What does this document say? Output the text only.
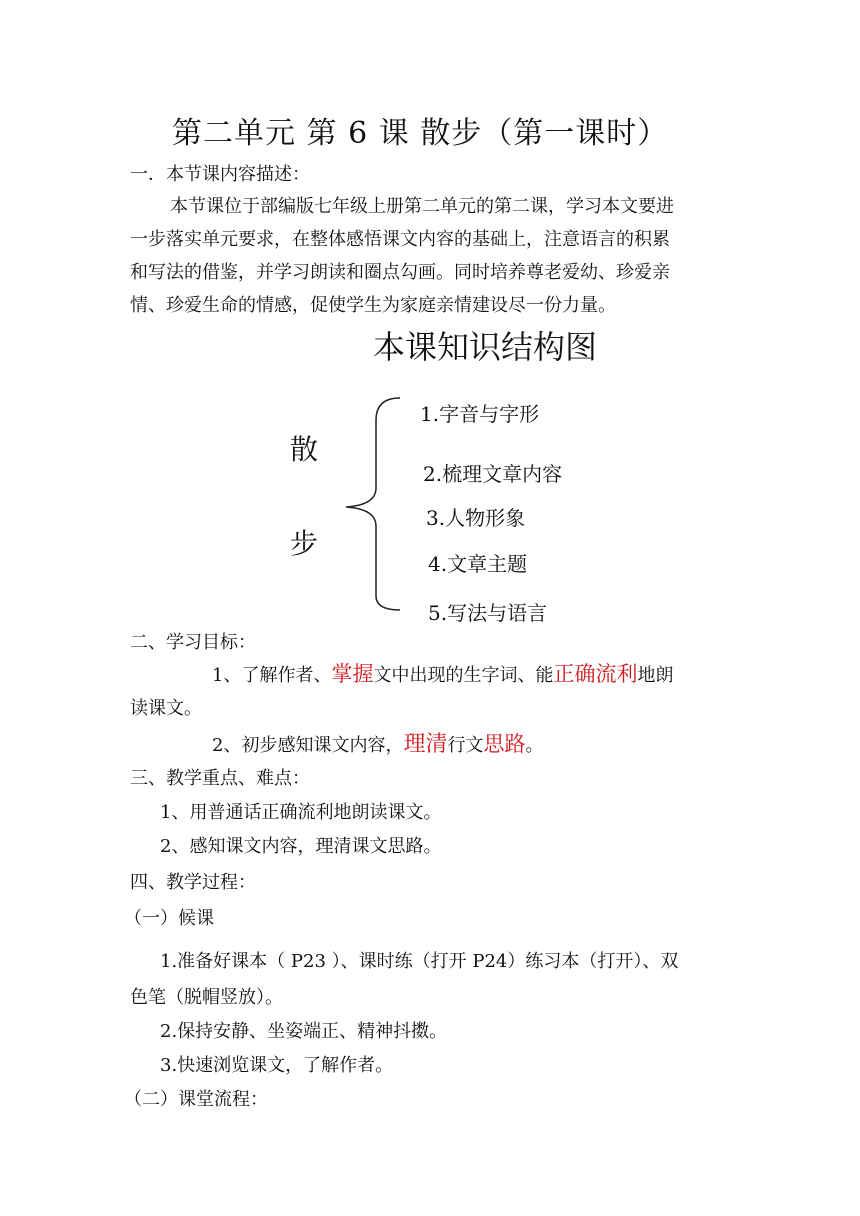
第二单元 第 6 课 散步（第一课时）
一．本节课内容描述：
本节课位于部编版七年级上册第二单元的第二课，学习本文要进
一步落实单元要求，在整体感悟课文内容的基础上，注意语言的积累
和写法的借鉴，并学习朗读和圈点勾画。同时培养尊老爱幼、珍爱亲
情、珍爱生命的情感，促使学生为家庭亲情建设尽一份力量。
本课知识结构图
散
步
1.字音与字形
2.梳理文章内容
3.人物形象
4.文章主题
5.写法与语言
二、学习目标：
1、了解作者、掌握文中出现的生字词、能正确流利地朗
读课文。
2、初步感知课文内容，理清行文思路。
三、教学重点、难点：
1、用普通话正确流利地朗读课文。
2、感知课文内容，理清课文思路。
四、教学过程：
（一）候课
1.准备好课本（ P23 ）、课时练（打开 P24）练习本（打开）、双
色笔（脱帽竖放）。
2.保持安静、坐姿端正、精神抖擞。
3.快速浏览课文，了解作者。
（二）课堂流程：
